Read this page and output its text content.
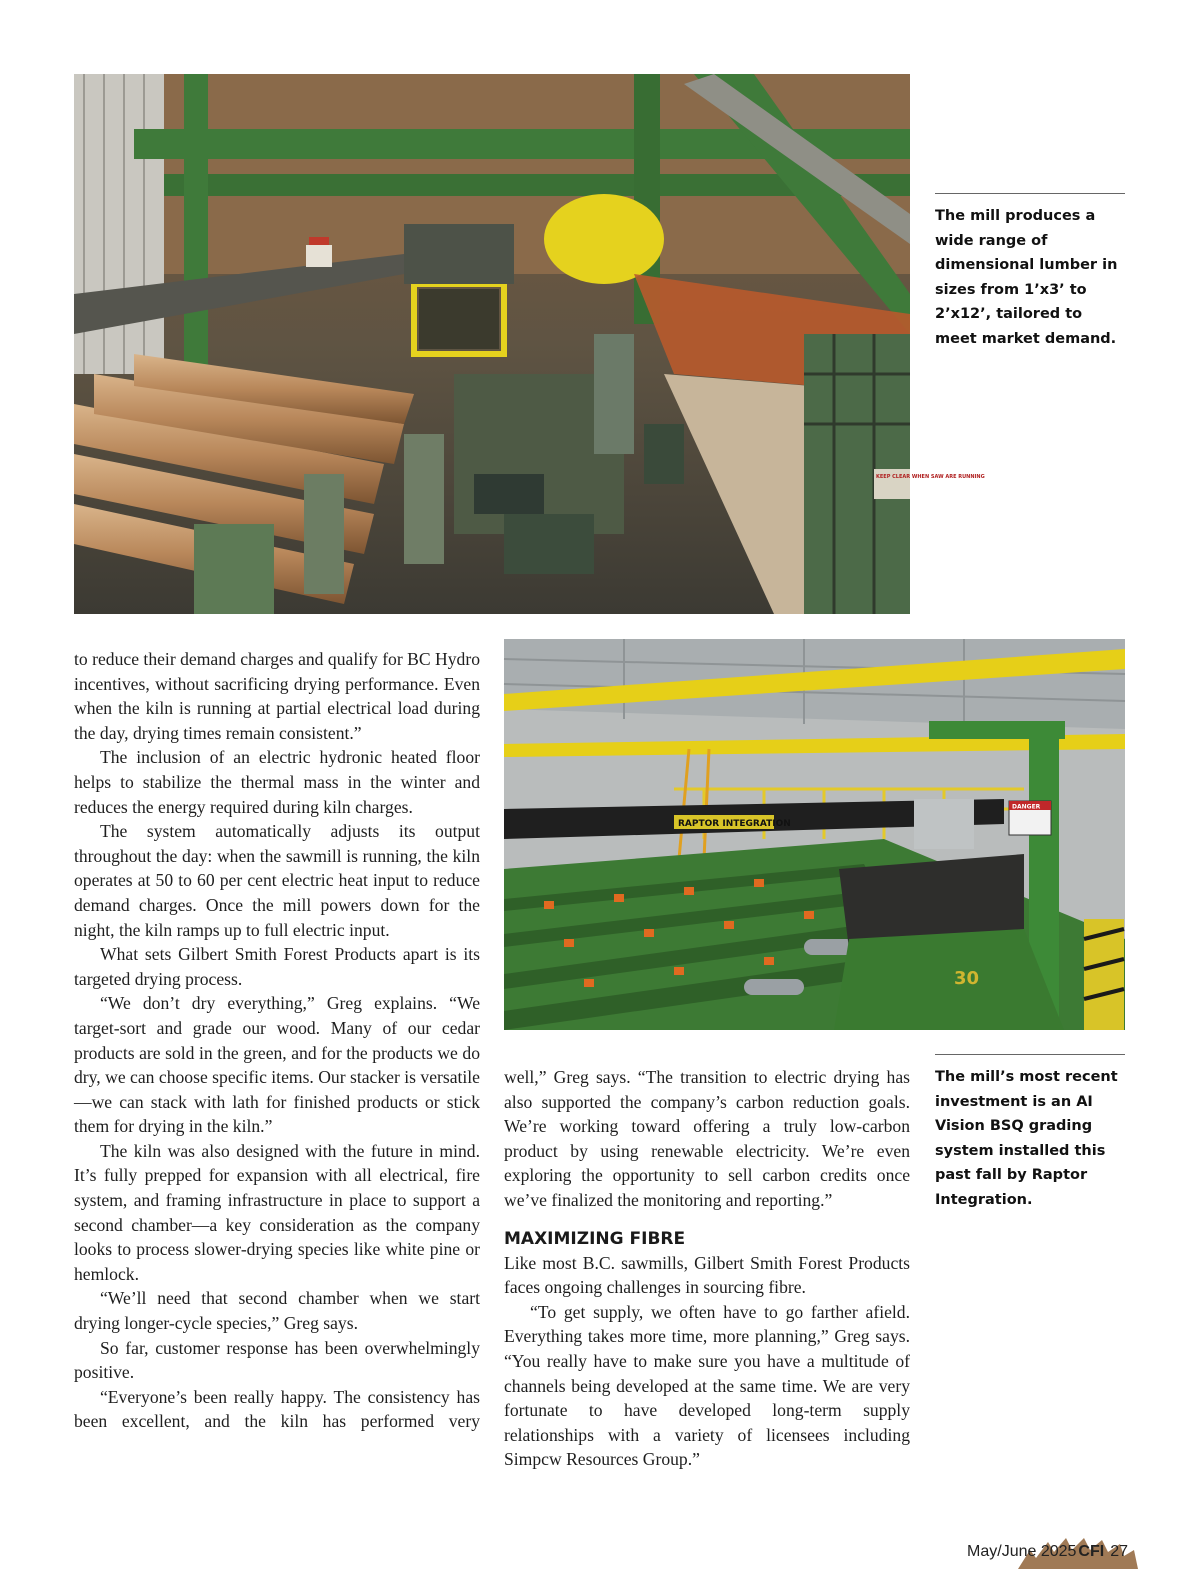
KEEP CLEAR WHEN SAW ARE RUNNING
The mill produces a wide range of dimensional lumber in sizes from 1’x3’ to 2’x12’, tailored to meet market demand.
RAPTOR INTEGRATION
30
DANGER
The mill’s most recent investment is an AI Vision BSQ grading system installed this past fall by Raptor Integration.

to reduce their demand charges and qualify for BC Hydro incentives, without sacrificing drying performance. Even when the kiln is running at partial electrical load during the day, drying times remain consistent.”

The inclusion of an electric hydronic heated floor helps to stabilize the thermal mass in the winter and reduces the energy required during kiln charges.

The system automatically adjusts its output throughout the day: when the sawmill is running, the kiln operates at 50 to 60 per cent electric heat input to reduce demand charges. Once the mill powers down for the night, the kiln ramps up to full electric input.

What sets Gilbert Smith Forest Products apart is its targeted drying process.

“We don’t dry everything,” Greg explains. “We target-sort and grade our wood. Many of our cedar products are sold in the green, and for the products we do dry, we can choose specific items. Our stacker is versatile—we can stack with lath for finished products or stick them for drying in the kiln.”

The kiln was also designed with the future in mind. It’s fully prepped for expansion with all electrical, fire system, and framing infrastructure in place to support a second chamber—a key consideration as the company looks to process slower-drying species like white pine or hemlock.

“We’ll need that second chamber when we start drying longer-cycle species,” Greg says.

So far, customer response has been overwhelmingly positive.

“Everyone’s been really happy. The consistency has been excellent, and the kiln has performed very

well,” Greg says. “The transition to electric drying has also supported the company’s carbon reduction goals. We’re working toward offering a truly low-carbon product by using renewable electricity. We’re even exploring the opportunity to sell carbon credits once we’ve finalized the monitoring and reporting.”

MAXIMIZING FIBRE

Like most B.C. sawmills, Gilbert Smith Forest Products faces ongoing challenges in sourcing fibre.

“To get supply, we often have to go farther afield. Everything takes more time, more planning,” Greg says. “You really have to make sure you have a multitude of channels being developed at the same time. We are very fortunate to have developed long-term supply relationships with a variety of licensees including Simpcw Resources Group.”

May/June 2025 CFI 27
